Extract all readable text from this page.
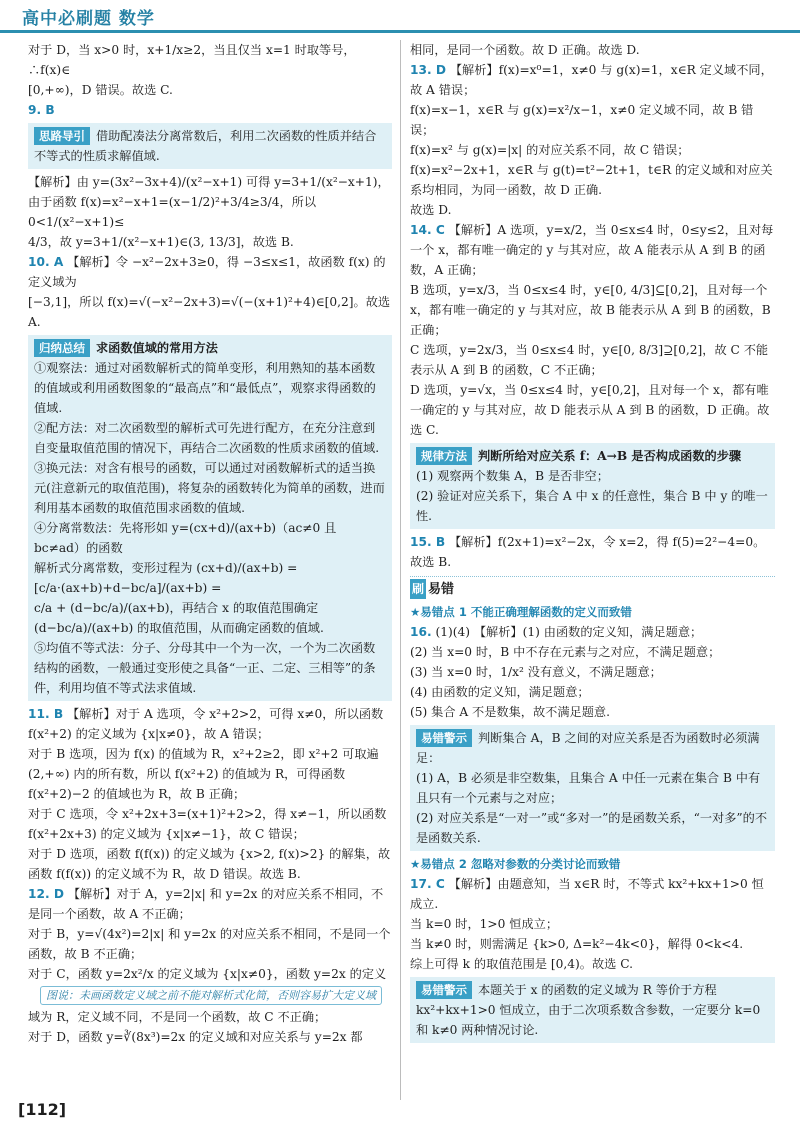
高中必刷题 数学

对于 D，当 x>0 时，x+1/x≥2，当且仅当 x=1 时取等号，∴f(x)∈

[0,+∞)，D 错误。故选 C.

9. B

思路导引 借助配凑法分离常数后，利用二次函数的性质并结合不等式的性质求解值域.

【解析】由 y=(3x²−3x+4)/(x²−x+1) 可得 y=3+1/(x²−x+1)，

由于函数 f(x)=x²−x+1=(x−1/2)²+3/4≥3/4，所以 0<1/(x²−x+1)≤

4/3，故 y=3+1/(x²−x+1)∈(3, 13/3]，故选 B.

10. A 【解析】令 −x²−2x+3≥0，得 −3≤x≤1，故函数 f(x) 的定义域为

[−3,1]，所以 f(x)=√(−x²−2x+3)=√(−(x+1)²+4)∈[0,2]。故选 A.

归纳总结 求函数值域的常用方法

①观察法：通过对函数解析式的简单变形，利用熟知的基本函数的值域或利用函数图象的“最高点”和“最低点”，观察求得函数的值域.

②配方法：对二次函数型的解析式可先进行配方，在充分注意到自变量取值范围的情况下，再结合二次函数的性质求函数的值域.

③换元法：对含有根号的函数，可以通过对函数解析式的适当换元(注意新元的取值范围)，将复杂的函数转化为简单的函数，进而利用基本函数的取值范围求函数的值域.

④分离常数法：先将形如 y=(cx+d)/(ax+b)（ac≠0 且 bc≠ad）的函数

解析式分离常数，变形过程为 (cx+d)/(ax+b) = [c/a·(ax+b)+d−bc/a]/(ax+b) =

c/a + (d−bc/a)/(ax+b)，再结合 x 的取值范围确定 (d−bc/a)/(ax+b) 的取值范围，从而确定函数的值域.

⑤均值不等式法：分子、分母其中一个为一次，一个为二次函数结构的函数，一般通过变形使之具备“一正、二定、三相等”的条件，利用均值不等式法求值域.

11. B 【解析】对于 A 选项，令 x²+2>2，可得 x≠0，所以函数

f(x²+2) 的定义域为 {x|x≠0}，故 A 错误；

对于 B 选项，因为 f(x) 的值域为 R，x²+2≥2，即 x²+2 可取遍 (2,+∞) 内的所有数，所以 f(x²+2) 的值域为 R，可得函数 f(x²+2)−2 的值域也为 R，故 B 正确；

对于 C 选项，令 x²+2x+3=(x+1)²+2>2，得 x≠−1，所以函数 f(x²+2x+3) 的定义域为 {x|x≠−1}，故 C 错误；

对于 D 选项，函数 f(f(x)) 的定义域为 {x>2, f(x)>2} 的解集，故函数 f(f(x)) 的定义域不为 R，故 D 错误。故选 B.

12. D 【解析】对于 A，y=2|x| 和 y=2x 的对应关系不相同，不是同一个函数，故 A 不正确；

对于 B，y=√(4x²)=2|x| 和 y=2x 的对应关系不相同，不是同一个函数，故 B 不正确；

对于 C，函数 y=2x²/x 的定义域为 {x|x≠0}，函数 y=2x 的定义

图说：未画函数定义域之前不能对解析式化简，否则容易扩大定义域

域为 R，定义域不同，不是同一个函数，故 C 不正确；

对于 D，函数 y=∛(8x³)=2x 的定义域和对应关系与 y=2x 都

相同，是同一个函数。故 D 正确。故选 D.

13. D 【解析】f(x)=x⁰=1，x≠0 与 g(x)=1，x∈R 定义域不同，故 A 错误；

f(x)=x−1，x∈R 与 g(x)=x²/x−1，x≠0 定义域不同，故 B 错误；

f(x)=x² 与 g(x)=|x| 的对应关系不同，故 C 错误；

f(x)=x²−2x+1，x∈R 与 g(t)=t²−2t+1，t∈R 的定义域和对应关系均相同，为同一函数，故 D 正确.

故选 D.

14. C 【解析】A 选项，y=x/2，当 0≤x≤4 时，0≤y≤2，且对每一个 x，都有唯一确定的 y 与其对应，故 A 能表示从 A 到 B 的函数，A 正确；

B 选项，y=x/3，当 0≤x≤4 时，y∈[0, 4/3]⊆[0,2]，且对每一个 x，都有唯一确定的 y 与其对应，故 B 能表示从 A 到 B 的函数，B 正确；

C 选项，y=2x/3，当 0≤x≤4 时，y∈[0, 8/3]⊇[0,2]，故 C 不能表示从 A 到 B 的函数，C 不正确；

D 选项，y=√x，当 0≤x≤4 时，y∈[0,2]，且对每一个 x，都有唯一确定的 y 与其对应，故 D 能表示从 A 到 B 的函数，D 正确。故选 C.

规律方法 判断所给对应关系 f：A→B 是否构成函数的步骤

(1) 观察两个数集 A，B 是否非空；

(2) 验证对应关系下，集合 A 中 x 的任意性，集合 B 中 y 的唯一性.

15. B 【解析】f(2x+1)=x²−2x，令 x=2，得 f(5)=2²−4=0。故选 B.

刷 易错

★易错点 1 不能正确理解函数的定义而致错

16. (1)(4) 【解析】(1) 由函数的定义知，满足题意；

(2) 当 x=0 时，B 中不存在元素与之对应，不满足题意；

(3) 当 x=0 时，1/x² 没有意义，不满足题意；

(4) 由函数的定义知，满足题意；

(5) 集合 A 不是数集，故不满足题意.

易错警示 判断集合 A，B 之间的对应关系是否为函数时必须满足：

(1) A，B 必须是非空数集，且集合 A 中任一元素在集合 B 中有且只有一个元素与之对应；

(2) 对应关系是“一对一”或“多对一”的是函数关系，“一对多”的不是函数关系.

★易错点 2 忽略对参数的分类讨论而致错

17. C 【解析】由题意知，当 x∈R 时，不等式 kx²+kx+1>0 恒成立.

当 k=0 时，1>0 恒成立；

当 k≠0 时，则需满足 {k>0, Δ=k²−4k<0}，解得 0<k<4.

综上可得 k 的取值范围是 [0,4)。故选 C.

易错警示 本题关于 x 的函数的定义域为 R 等价于方程 kx²+kx+1>0 恒成立，由于二次项系数含参数，一定要分 k=0 和 k≠0 两种情况讨论.

[112]
